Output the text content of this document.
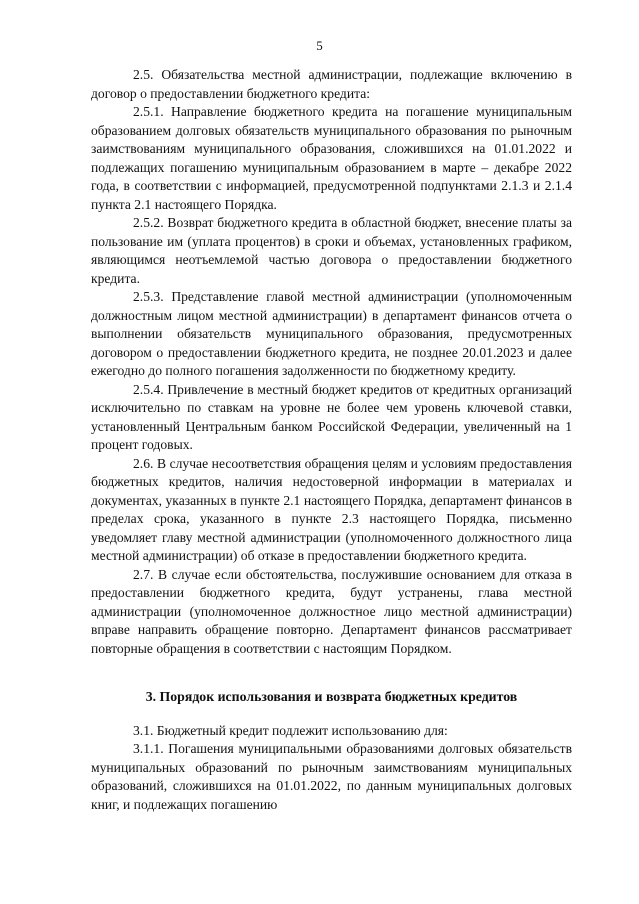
5

2.5. Обязательства местной администрации, подлежащие включению в договор о предоставлении бюджетного кредита:

2.5.1. Направление бюджетного кредита на погашение муниципальным образованием долговых обязательств муниципального образования по рыночным заимствованиям муниципального образования, сложившихся на 01.01.2022 и подлежащих погашению муниципальным образованием в марте – декабре 2022 года, в соответствии с информацией, предусмотренной подпунктами 2.1.3 и 2.1.4 пункта 2.1 настоящего Порядка.

2.5.2. Возврат бюджетного кредита в областной бюджет, внесение платы за пользование им (уплата процентов) в сроки и объемах, установленных графиком, являющимся неотъемлемой частью договора о предоставлении бюджетного кредита.

2.5.3. Представление главой местной администрации (уполномоченным должностным лицом местной администрации) в департамент финансов отчета о выполнении обязательств муниципального образования, предусмотренных договором о предоставлении бюджетного кредита, не позднее 20.01.2023 и далее ежегодно до полного погашения задолженности по бюджетному кредиту.

2.5.4. Привлечение в местный бюджет кредитов от кредитных организаций исключительно по ставкам на уровне не более чем уровень ключевой ставки, установленный Центральным банком Российской Федерации, увеличенный на 1 процент годовых.

2.6. В случае несоответствия обращения целям и условиям предоставления бюджетных кредитов, наличия недостоверной информации в материалах и документах, указанных в пункте 2.1 настоящего Порядка, департамент финансов в пределах срока, указанного в пункте 2.3 настоящего Порядка, письменно уведомляет главу местной администрации (уполномоченного должностного лица местной администрации) об отказе в предоставлении бюджетного кредита.

2.7. В случае если обстоятельства, послужившие основанием для отказа в предоставлении бюджетного кредита, будут устранены, глава местной администрации (уполномоченное должностное лицо местной администрации) вправе направить обращение повторно. Департамент финансов рассматривает повторные обращения в соответствии с настоящим Порядком.

3. Порядок использования и возврата бюджетных кредитов

3.1. Бюджетный кредит подлежит использованию для:

3.1.1. Погашения муниципальными образованиями долговых обязательств муниципальных образований по рыночным заимствованиям муниципальных образований, сложившихся на 01.01.2022, по данным муниципальных долговых книг, и подлежащих погашению
